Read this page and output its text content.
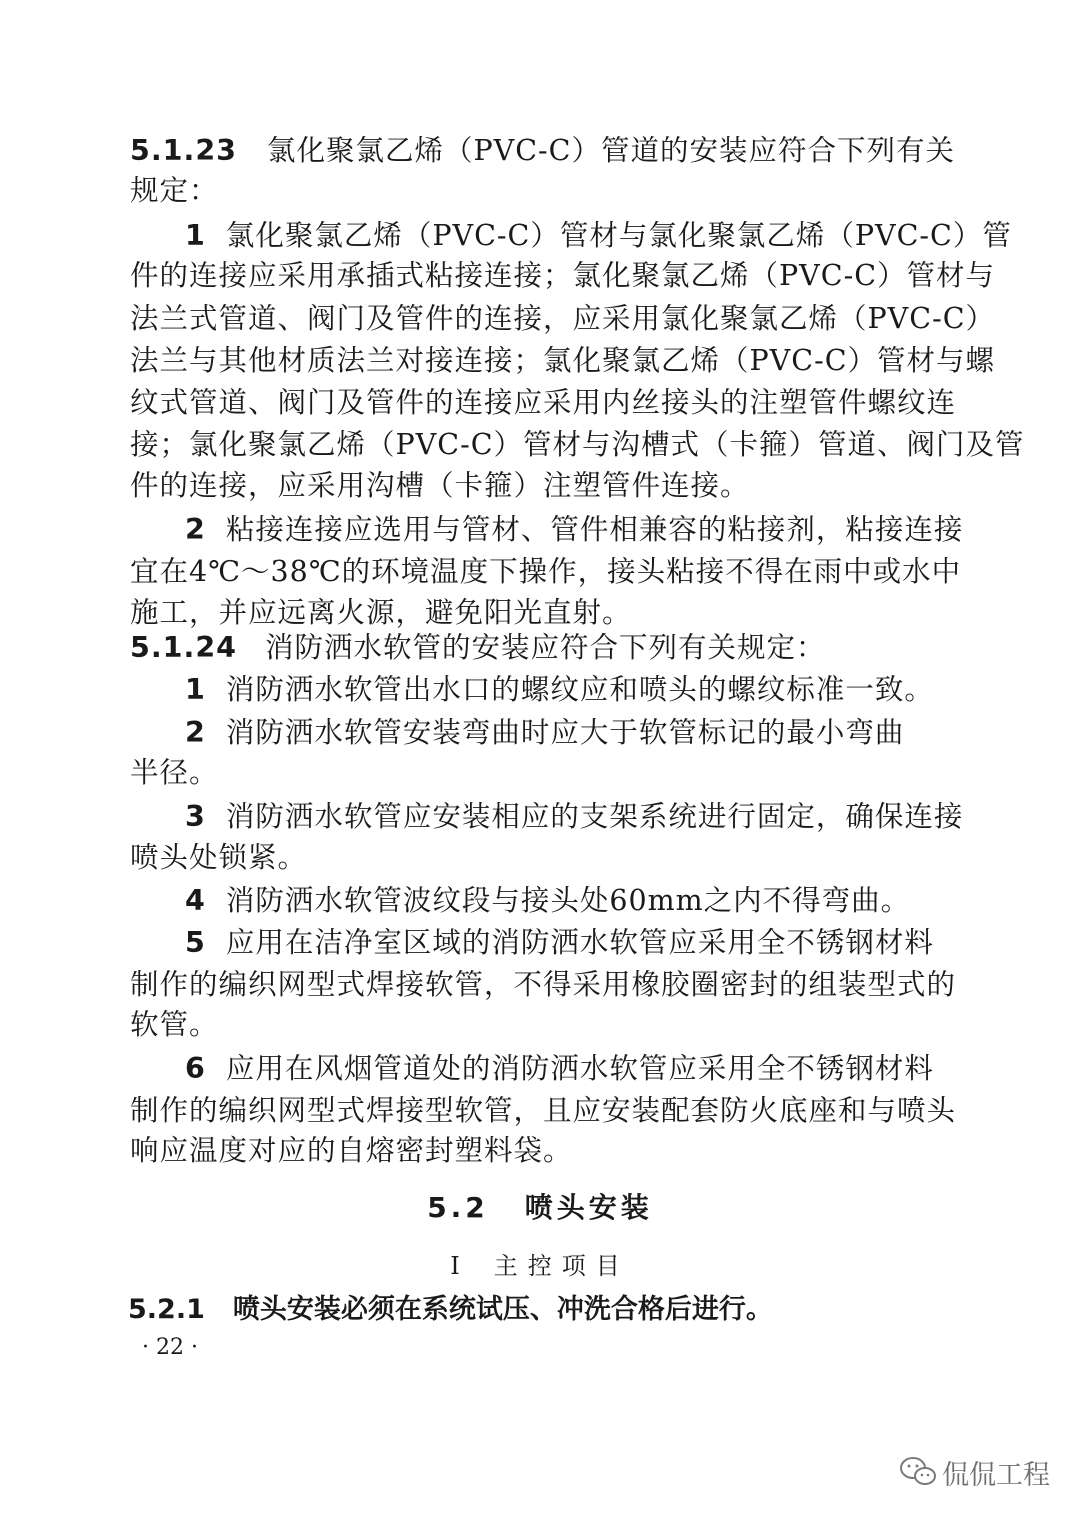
5.1.23 氯化聚氯乙烯（PVC-C）管道的安装应符合下列有关
规定：
1 氯化聚氯乙烯（PVC-C）管材与氯化聚氯乙烯（PVC-C）管
件的连接应采用承插式粘接连接；氯化聚氯乙烯（PVC-C）管材与
法兰式管道、阀门及管件的连接，应采用氯化聚氯乙烯（PVC-C）
法兰与其他材质法兰对接连接；氯化聚氯乙烯（PVC-C）管材与螺
纹式管道、阀门及管件的连接应采用内丝接头的注塑管件螺纹连
接；氯化聚氯乙烯（PVC-C）管材与沟槽式（卡箍）管道、阀门及管
件的连接，应采用沟槽（卡箍）注塑管件连接。
2 粘接连接应选用与管材、管件相兼容的粘接剂，粘接连接
宜在4℃～38℃的环境温度下操作，接头粘接不得在雨中或水中
施工，并应远离火源，避免阳光直射。
5.1.24 消防洒水软管的安装应符合下列有关规定：
1 消防洒水软管出水口的螺纹应和喷头的螺纹标准一致。
2 消防洒水软管安装弯曲时应大于软管标记的最小弯曲
半径。
3 消防洒水软管应安装相应的支架系统进行固定，确保连接
喷头处锁紧。
4 消防洒水软管波纹段与接头处60mm之内不得弯曲。
5 应用在洁净室区域的消防洒水软管应采用全不锈钢材料
制作的编织网型式焊接软管，不得采用橡胶圈密封的组装型式的
软管。
6 应用在风烟管道处的消防洒水软管应采用全不锈钢材料
制作的编织网型式焊接型软管，且应安装配套防火底座和与喷头
响应温度对应的自熔密封塑料袋。
5.2 喷头安装
Ⅰ 主控项目
5.2.1 喷头安装必须在系统试压、冲洗合格后进行。
· 22 ·
侃侃工程
